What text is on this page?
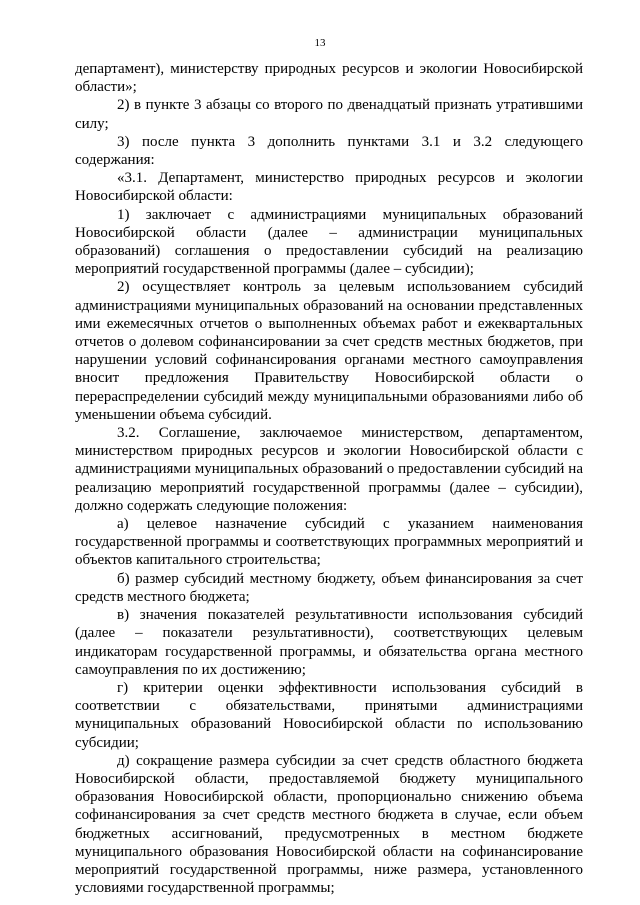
13

департамент), министерству природных ресурсов и экологии Новосибирской области»;

2) в пункте 3 абзацы со второго по двенадцатый признать утратившими силу;

3) после пункта 3 дополнить пунктами 3.1 и 3.2 следующего содержания:

«3.1. Департамент, министерство природных ресурсов и экологии Новосибирской области:

1) заключает с администрациями муниципальных образований Новосибирской области (далее – администрации муниципальных образований) соглашения о предоставлении субсидий на реализацию мероприятий государственной программы (далее – субсидии);

2) осуществляет контроль за целевым использованием субсидий администрациями муниципальных образований на основании представленных ими ежемесячных отчетов о выполненных объемах работ и ежеквартальных отчетов о долевом софинансировании за счет средств местных бюджетов, при нарушении условий софинансирования органами местного самоуправления вносит предложения Правительству Новосибирской области о перераспределении субсидий между муниципальными образованиями либо об уменьшении объема субсидий.

3.2. Соглашение, заключаемое министерством, департаментом, министерством природных ресурсов и экологии Новосибирской области с администрациями муниципальных образований о предоставлении субсидий на реализацию мероприятий государственной программы (далее – субсидии), должно содержать следующие положения:

а) целевое назначение субсидий с указанием наименования государственной программы и соответствующих программных мероприятий и объектов капитального строительства;

б) размер субсидий местному бюджету, объем финансирования за счет средств местного бюджета;

в) значения показателей результативности использования субсидий (далее – показатели результативности), соответствующих целевым индикаторам государственной программы, и обязательства органа местного самоуправления по их достижению;

г) критерии оценки эффективности использования субсидий в соответствии с обязательствами, принятыми администрациями муниципальных образований Новосибирской области по использованию субсидии;

д) сокращение размера субсидии за счет средств областного бюджета Новосибирской области, предоставляемой бюджету муниципального образования Новосибирской области, пропорционально снижению объема софинансирования за счет средств местного бюджета в случае, если объем бюджетных ассигнований, предусмотренных в местном бюджете муниципального образования Новосибирской области на софинансирование мероприятий государственной программы, ниже размера, установленного условиями государственной программы;
